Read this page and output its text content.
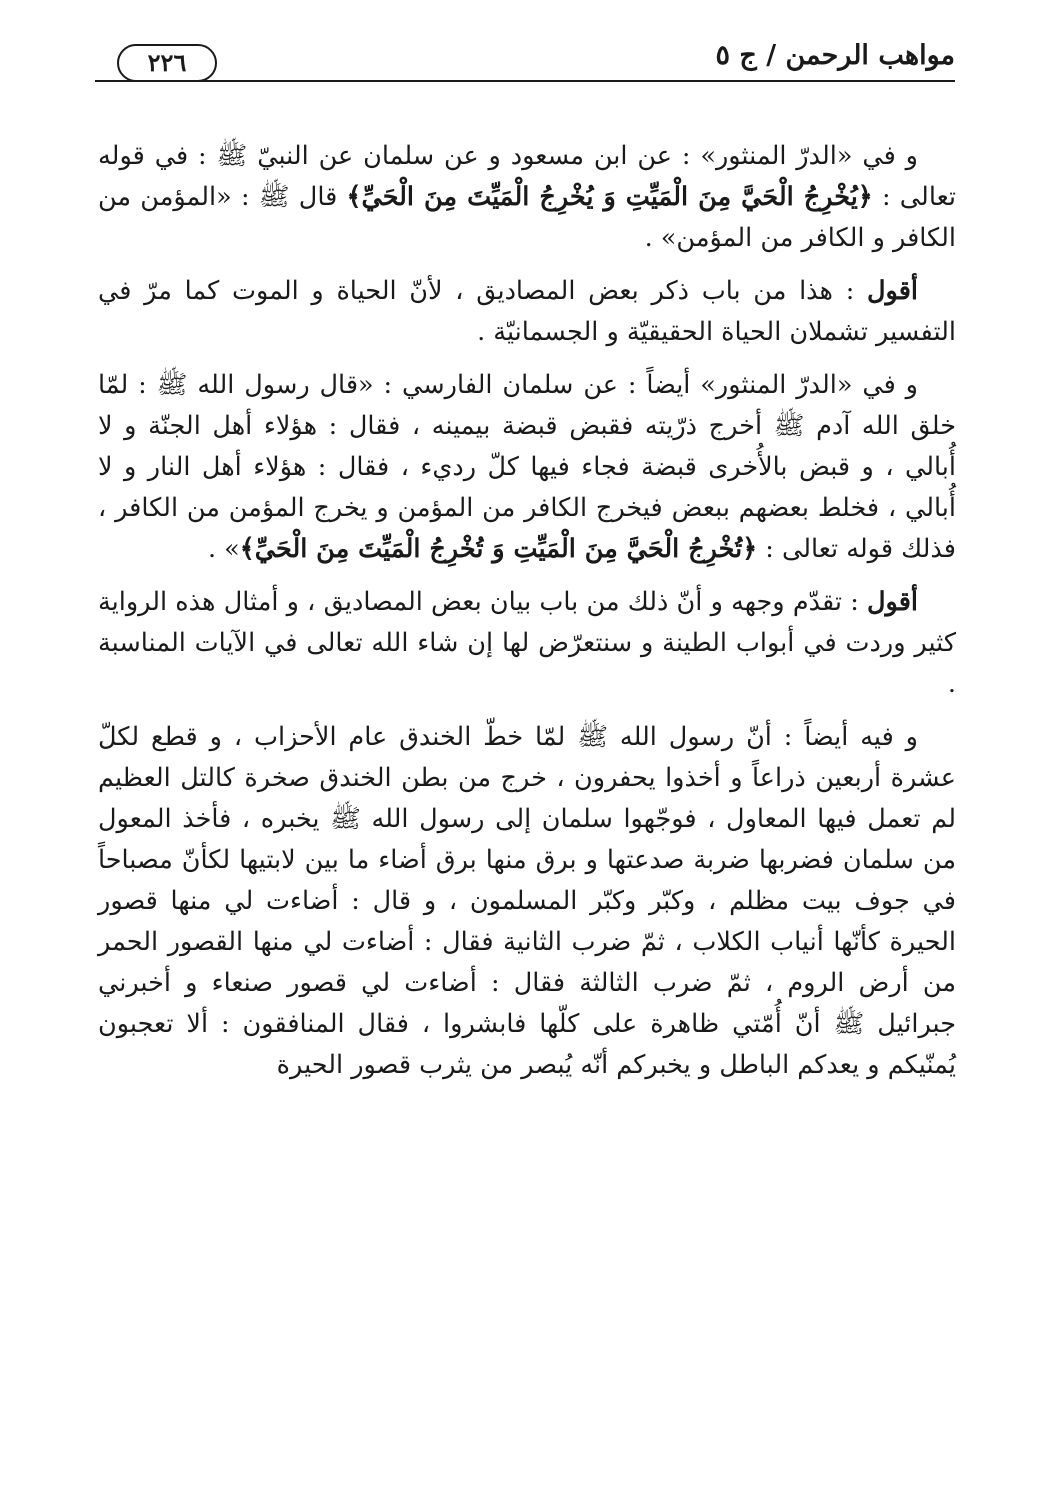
مواهب الرحمن / ج ٥
٢٢٦

و في «الدرّ المنثور» : عن ابن مسعود و عن سلمان عن النبيّ ﷺ : في قوله تعالى : ﴿يُخْرِجُ الْحَيَّ مِنَ الْمَيِّتِ وَ يُخْرِجُ الْمَيِّتَ مِنَ الْحَيِّ﴾ قال ﷺ : «المؤمن من الكافر و الكافر من المؤمن» .

أقول : هذا من باب ذكر بعض المصاديق ، لأنّ الحياة و الموت كما مرّ في التفسير تشملان الحياة الحقيقيّة و الجسمانيّة .

و في «الدرّ المنثور» أيضاً : عن سلمان الفارسي : «قال رسول الله ﷺ : لمّا خلق الله آدم ﷺ أخرج ذرّيته فقبض قبضة بيمينه ، فقال : هؤلاء أهل الجنّة و لا أُبالي ، و قبض بالأُخرى قبضة فجاء فيها كلّ رديء ، فقال : هؤلاء أهل النار و لا أُبالي ، فخلط بعضهم ببعض فيخرج الكافر من المؤمن و يخرج المؤمن من الكافر ، فذلك قوله تعالى : ﴿تُخْرِجُ الْحَيَّ مِنَ الْمَيِّتِ وَ تُخْرِجُ الْمَيِّتَ مِنَ الْحَيِّ﴾» .

أقول : تقدّم وجهه و أنّ ذلك من باب بيان بعض المصاديق ، و أمثال هذه الرواية كثير وردت في أبواب الطينة و سنتعرّض لها إن شاء الله تعالى في الآيات المناسبة .

و فيه أيضاً : أنّ رسول الله ﷺ لمّا خطّ الخندق عام الأحزاب ، و قطع لكلّ عشرة أربعين ذراعاً و أخذوا يحفرون ، خرج من بطن الخندق صخرة كالتل العظيم لم تعمل فيها المعاول ، فوجّهوا سلمان إلى رسول الله ﷺ يخبره ، فأخذ المعول من سلمان فضربها ضربة صدعتها و برق منها برق أضاء ما بين لابتيها لكأنّ مصباحاً في جوف بيت مظلم ، وكبّر وكبّر المسلمون ، و قال : أضاءت لي منها قصور الحيرة كأنّها أنياب الكلاب ، ثمّ ضرب الثانية فقال : أضاءت لي منها القصور الحمر من أرض الروم ، ثمّ ضرب الثالثة فقال : أضاءت لي قصور صنعاء و أخبرني جبرائيل ﷺ أنّ أُمّتي ظاهرة على كلّها فابشروا ، فقال المنافقون : ألا تعجبون يُمنّيكم و يعدكم الباطل و يخبركم أنّه يُبصر من يثرب قصور الحيرة
